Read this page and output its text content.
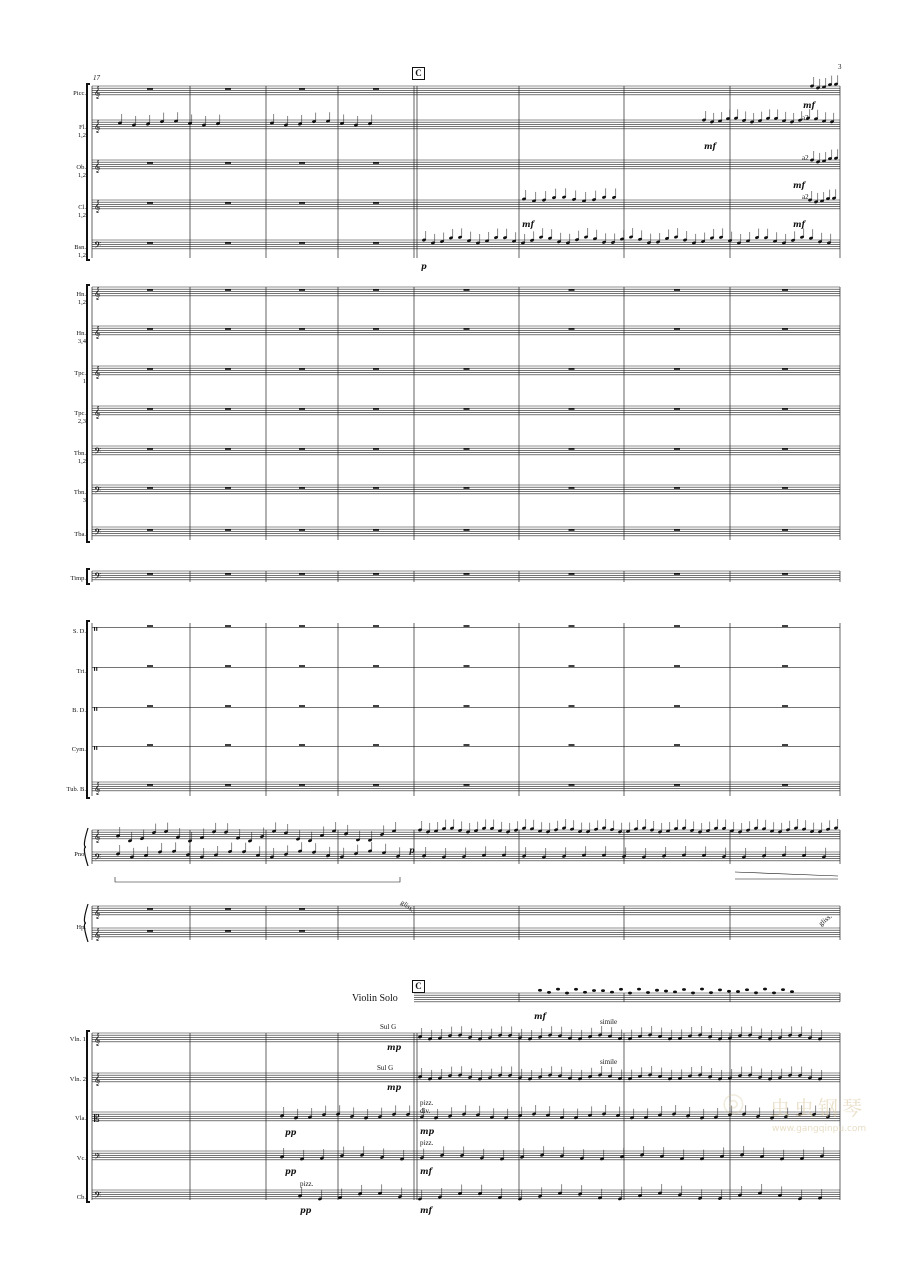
𝄞
𝄞
𝄞
𝄞
𝄢
𝄞
𝄞
𝄞
𝄞
𝄢
𝄢
𝄢
𝄢
𝄥
𝄥
𝄥
𝄥
𝄞
𝄞
𝄢
𝄞
𝄞
𝄞
𝄞
𝄡
𝄢
𝄢
3
17	C
C
Violin Solo
Picc.
Fl.
1,2
Ob.
1,2
Cl.
1,2
Bsn.
1,2
Hn.
1,2
Hn.
3,4
Tpc.
1
Tpc.
2,3
Tbn.
1,2
Tbn.
3
Tba.
Timp.
S. D.
Tri.
B. D.
Cym.
Tub. B.
Pno.
Hp.
Vln. 1
Vln. 2
Vla.
Vc.
Cb.
mf
a2
mf
a2
mf
a2
mf	mf
p
p
gliss.
gliss.
mf
Sul G
simile
mp
Sul G
simile
mp
pizz.
div.
pp	mp
pizz.
pp	mf
pizz.
pp	mf
◎ 虫虫钢琴
www.gangqinpu.com
